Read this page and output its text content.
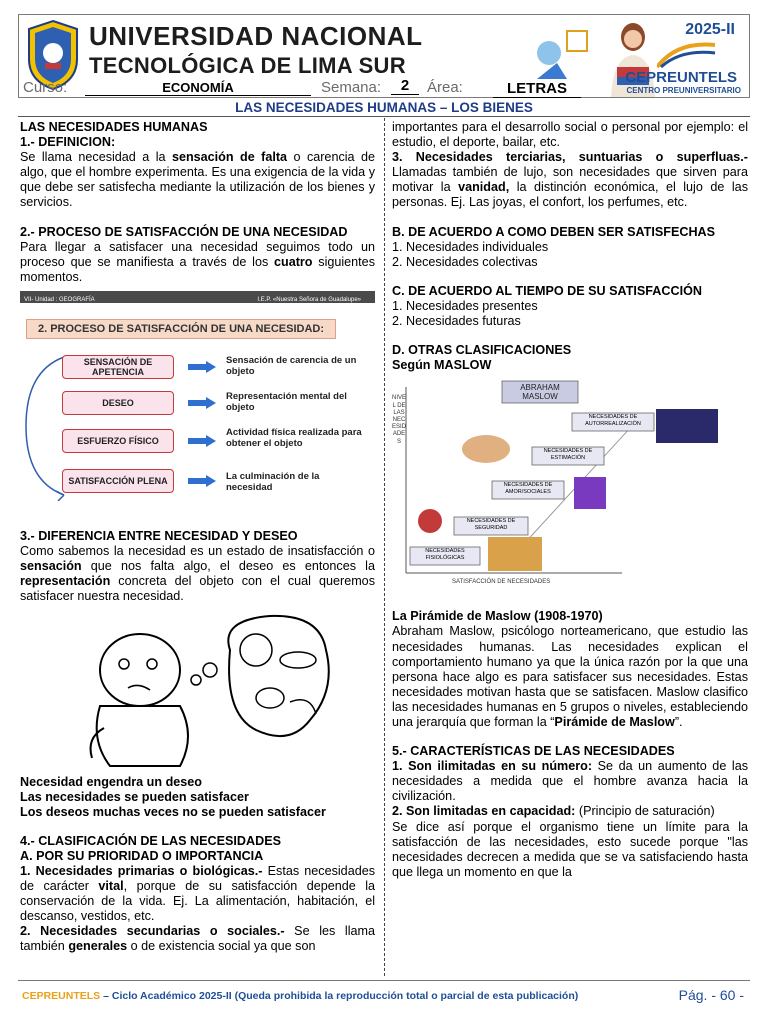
UNIVERSIDAD NACIONAL
TECNOLÓGICA DE LIMA SUR
Curso:	ECONOMÍA	Semana:	2	Área:	LETRAS
2025-II
CEPREUNTELS
CENTRO PREUNIVERSITARIO
LAS NECESIDADES HUMANAS – LOS BIENES
LAS NECESIDADES HUMANAS
1.- DEFINICION:

Se llama necesidad a la sensación de falta o carencia de algo, que el hombre experimenta. Es una exigencia de la vida y que debe ser satisfecha mediante la utilización de los bienes y servicios.

2.- PROCESO DE SATISFACCIÓN DE UNA NECESIDAD

Para llegar a satisfacer una necesidad seguimos todo un proceso que se manifiesta a través de los cuatro siguientes momentos.

VII- Unidad : GEOGRAFÍA	I.E.P. «Nuestra Señora de Guadalupe»
2. PROCESO DE SATISFACCIÓN DE UNA NECESIDAD:
SENSACIÓN DE APETENCIA
Sensación de carencia de un objeto
DESEO
Representación mental del objeto
ESFUERZO FÍSICO
Actividad física realizada para obtener el objeto
SATISFACCIÓN PLENA	La culminación de la necesidad

3.- DIFERENCIA ENTRE NECESIDAD Y DESEO

Como sabemos la necesidad es un estado de insatisfacción o sensación que nos falta algo, el deseo es entonces la representación concreta del objeto con el cual queremos satisfacer nuestra necesidad.

Necesidad engendra un deseo
Las necesidades se pueden satisfacer
Los deseos muchas veces no se pueden satisfacer
4.- CLASIFICACIÓN DE LAS NECESIDADES
A. POR SU PRIORIDAD O IMPORTANCIA

1. Necesidades primarias o biológicas.- Estas necesidades de carácter vital, porque de su satisfacción depende la conservación de la vida. Ej. La alimentación, habitación, el descanso, vestidos, etc.

2. Necesidades secundarias o sociales.- Se les llama también generales o de existencia social ya que son

importantes para el desarrollo social o personal por ejemplo: el estudio, el deporte, bailar, etc.

3. Necesidades terciarias, suntuarias o superfluas.- Llamadas también de lujo, son necesidades que sirven para motivar la vanidad, la distinción económica, el lujo de las personas. Ej. Las joyas, el confort, los perfumes, etc.

B. DE ACUERDO A COMO DEBEN SER SATISFECHAS

1. Necesidades individuales
2. Necesidades colectivas
C. DE ACUERDO AL TIEMPO DE SU SATISFACCIÓN
1. Necesidades presentes
2. Necesidades futuras
D. OTRAS CLASIFICACIONES
Según MASLOW
NIVEL DE LAS NECESIDADES
SATISFACCIÓN DE NECESIDADES
ABRAHAM MASLOW
NECESIDADES FISIOLÓGICAS
NECESIDADES DE SEGURIDAD
NECESIDADES DE AMOR/SOCIALES
NECESIDADES DE ESTIMACIÓN
NECESIDADES DE AUTORREALIZACIÓN
La Pirámide de Maslow (1908-1970)

Abraham Maslow, psicólogo norteamericano, que estudio las necesidades humanas. Las necesidades explican el comportamiento humano ya que la única razón por la que una persona hace algo es para satisfacer sus necesidades. Estas necesidades motivan hasta que se satisfacen. Maslow clasifico las necesidades humanas en 5 grupos o niveles, estableciendo una jerarquía que forman la “Pirámide de Maslow”.

5.- CARACTERÍSTICAS DE LAS NECESIDADES

1. Son ilimitadas en su número: Se da un aumento de las necesidades a medida que el hombre avanza hacia la civilización.

2. Son limitadas en capacidad: (Principio de saturación)

Se dice así porque el organismo tiene un límite para la satisfacción de las necesidades, esto sucede porque "las necesidades decrecen a medida que se va satisfaciendo hasta que llega un momento en que la

CEPREUNTELS – Ciclo Académico 2025-II (Queda prohibida la reproducción total o parcial de esta publicación)	Pág. - 60 -
